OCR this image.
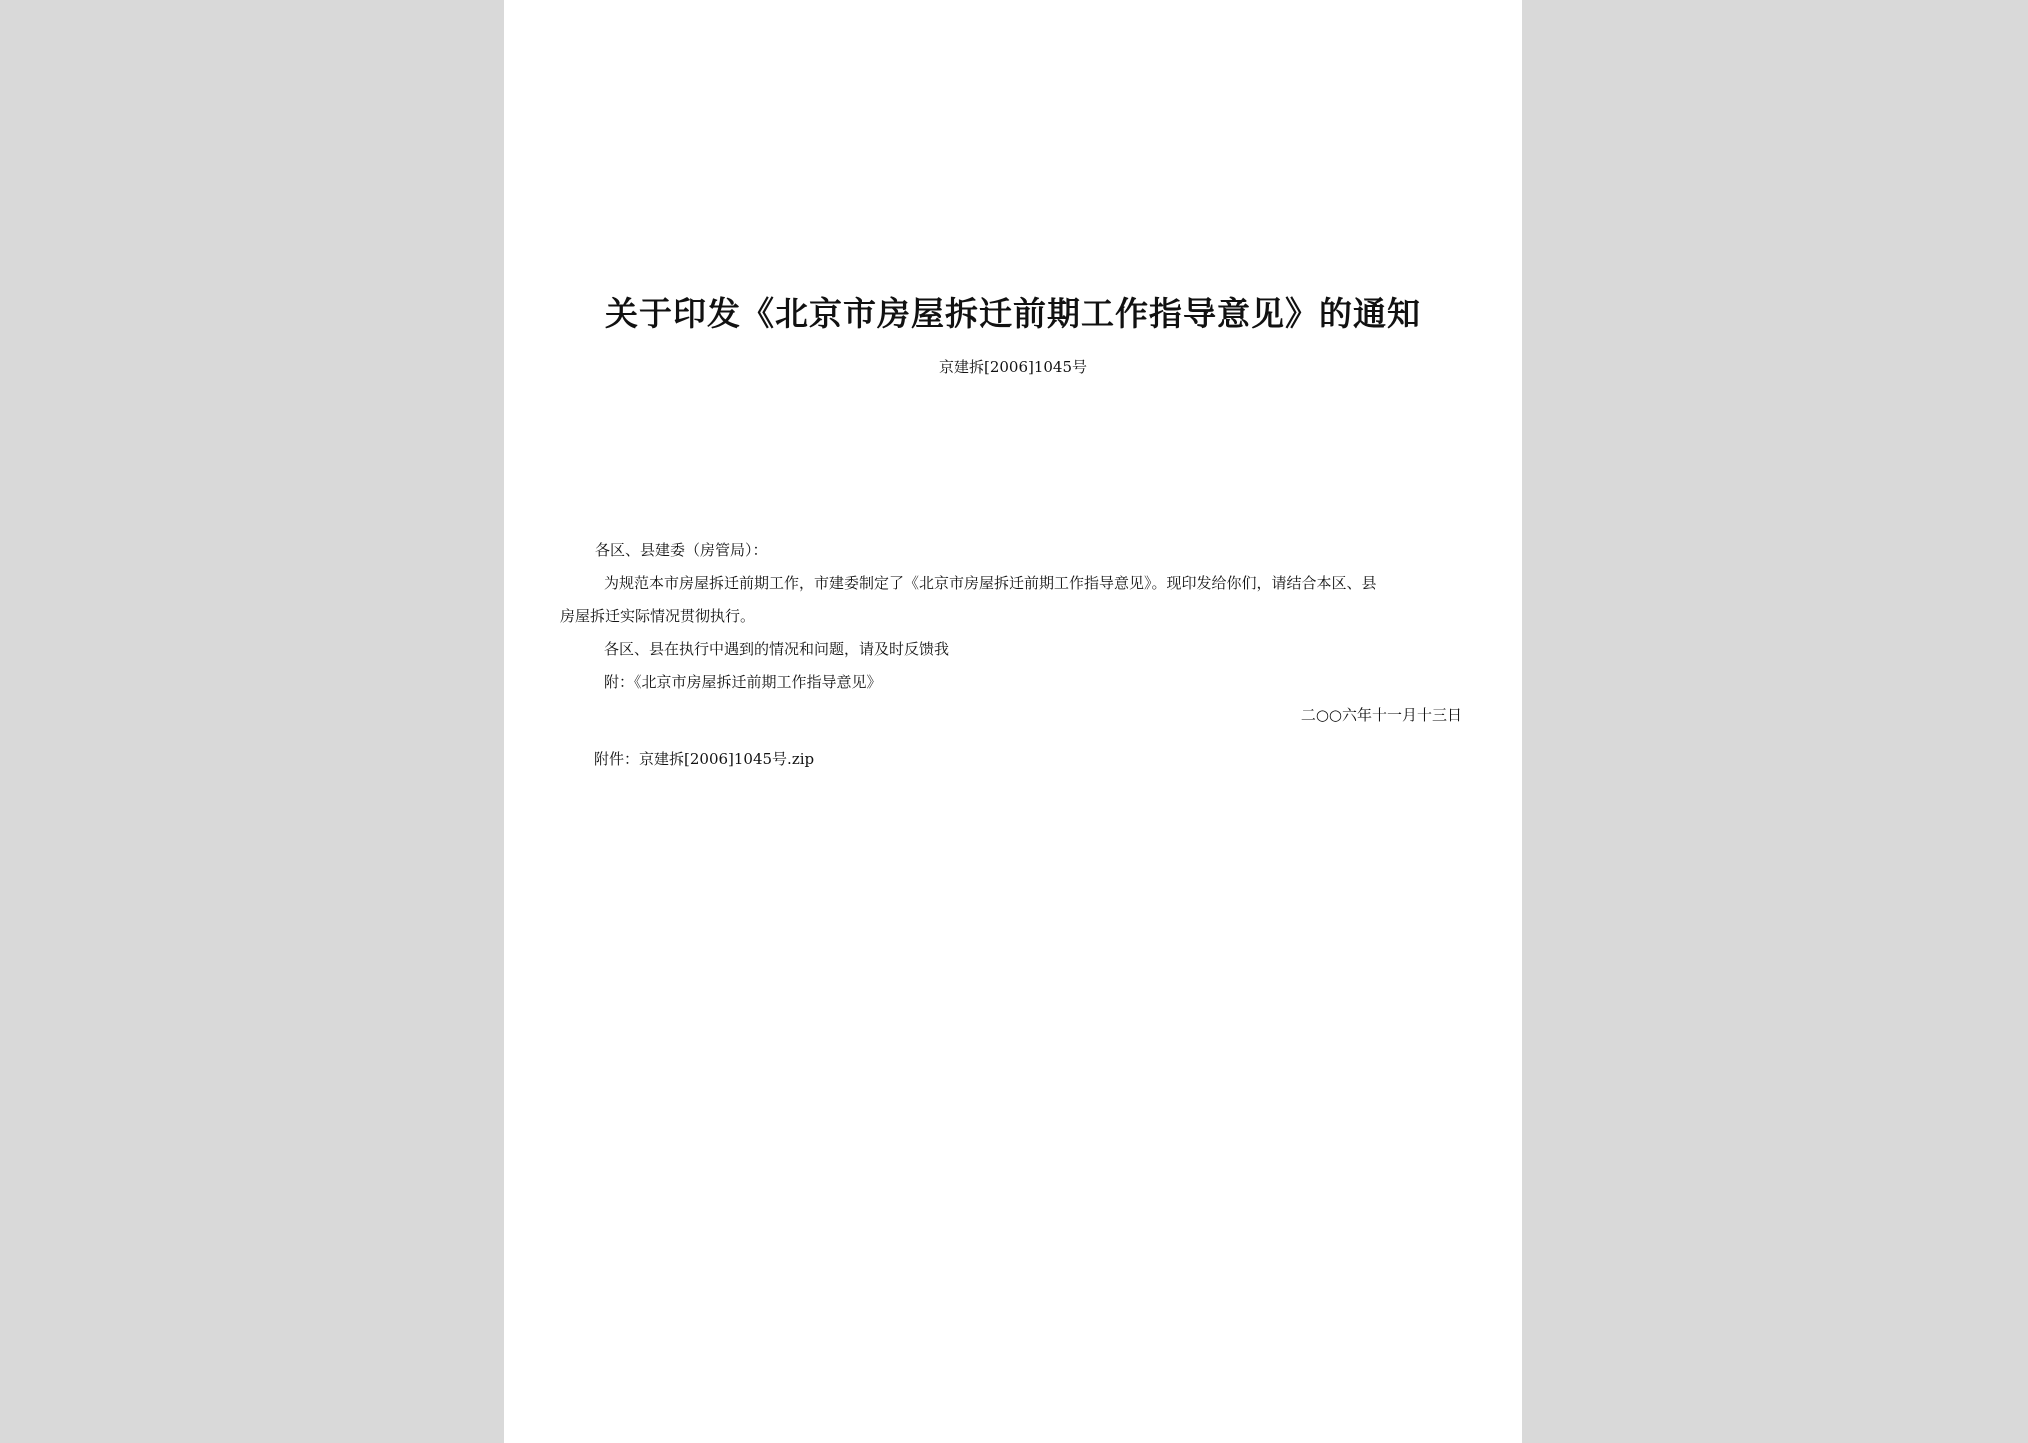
关于印发《北京市房屋拆迁前期工作指导意见》的通知
京建拆[2006]1045号
各区、县建委（房管局）：
为规范本市房屋拆迁前期工作，市建委制定了《北京市房屋拆迁前期工作指导意见》。现印发给你们，请结合本区、县
房屋拆迁实际情况贯彻执行。
各区、县在执行中遇到的情况和问题，请及时反馈我
附：《北京市房屋拆迁前期工作指导意见》
二○○六年十一月十三日
附件：京建拆[2006]1045号.zip
